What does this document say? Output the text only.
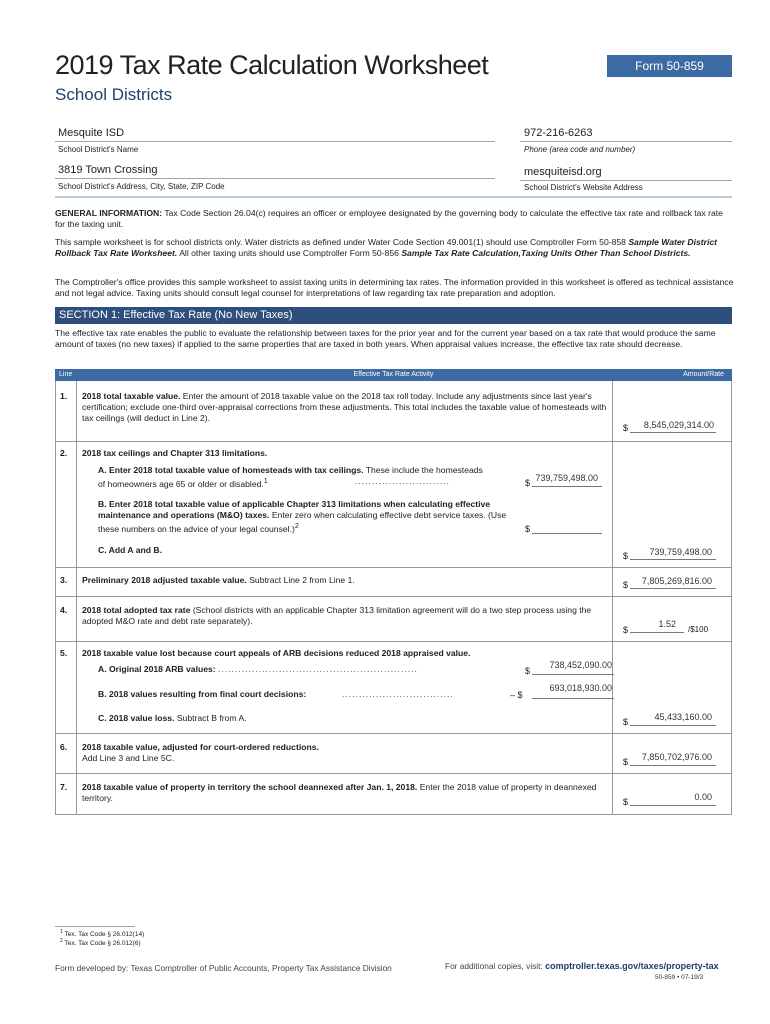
2019 Tax Rate Calculation Worksheet
School Districts
Form 50-859
Mesquite ISD
School District's Name
972-216-6263
Phone (area code and number)
3819 Town Crossing
School District's Address, City, State, ZIP Code
mesquiteisd.org
School District's Website Address

GENERAL INFORMATION: Tax Code Section 26.04(c) requires an officer or employee designated by the governing body to calculate the effective tax rate and rollback tax rate for the taxing unit.

This sample worksheet is for school districts only. Water districts as defined under Water Code Section 49.001(1) should use Comptroller Form 50-858 Sample Water District Rollback Tax Rate Worksheet. All other taxing units should use Comptroller Form 50-856 Sample Tax Rate Calculation,Taxing Units Other Than School Districts.

The Comptroller's office provides this sample worksheet to assist taxing units in determining tax rates. The information provided in this worksheet is offered as technical assistance and not legal advice. Taxing units should consult legal counsel for interpretations of law regarding tax rate preparation and adoption.

SECTION 1: Effective Tax Rate (No New Taxes)

The effective tax rate enables the public to evaluate the relationship between taxes for the prior year and for the current year based on a tax rate that would produce the same amount of taxes (no new taxes) if applied to the same properties that are taxed in both years. When appraisal values increase, the effective tax rate should decrease.

Line	Effective Tax Rate Activity	Amount/Rate
1. 2018 total taxable value. Enter the amount of 2018 taxable value on the 2018 tax roll today. Include any adjustments since last year's certification; exclude one-third over-appraisal corrections from these adjustments. This total includes the taxable value of homesteads with tax ceilings (will deduct in Line 2).
$	8,545,029,314.00
2. 2018 tax ceilings and Chapter 313 limitations.
A. Enter 2018 total taxable value of homesteads with tax ceilings. These include the homesteads of homeowners age 65 or older or disabled.$^1$	............................	$ 739,759,498.00
B. Enter 2018 total taxable value of applicable Chapter 313 limitations when calculating effective maintenance and operations (M&O) taxes. Enter zero when calculating effective debt service taxes. (Use these numbers on the advice of your legal counsel.)$^2$	$
C. Add A and B.
$	739,759,498.00
3. Preliminary 2018 adjusted taxable value. Subtract Line 2 from Line 1.	$	7,805,269,816.00
4. 2018 total adopted tax rate (School districts with an applicable Chapter 313 limitation agreement will do a two step process using the adopted M&O rate and debt rate separately).
$
1.52
/$100
5. 2018 taxable value lost because court appeals of ARB decisions reduced 2018 appraised value.
A. Original 2018 ARB values: ...........................................................	$
738,452,090.00
B. 2018 values resulting from final court decisions:	.................................	– $
693,018,930.00
C. 2018 value loss. Subtract B from A.	$	45,433,160.00
6. 2018 taxable value, adjusted for court-ordered reductions.
Add Line 3 and Line 5C.	$	7,850,702,976.00
7. 2018 taxable value of property in territory the school deannexed after Jan. 1, 2018. Enter the 2018 value of property in deannexed territory.	$	0.00
$^1$ Tex. Tax Code § 26.012(14)
$^2$ Tex. Tax Code § 26.012(6)
Form developed by: Texas Comptroller of Public Accounts, Property Tax Assistance Division	For additional copies, visit: comptroller.texas.gov/taxes/property-tax
50-859 • 07-19/3
